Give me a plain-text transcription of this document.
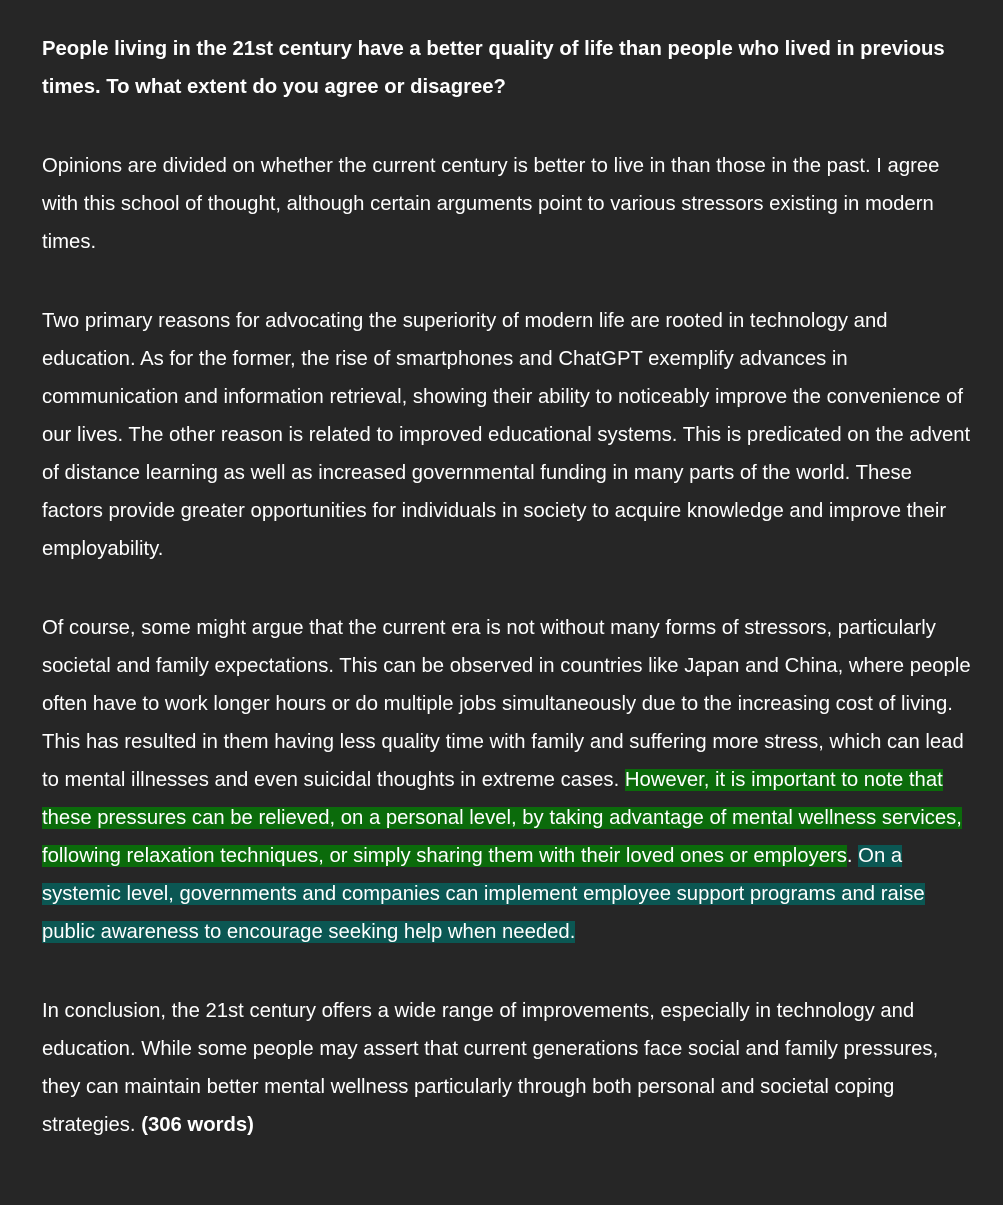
People living in the 21st century have a better quality of life than people who lived in previous times. To what extent do you agree or disagree?
Opinions are divided on whether the current century is better to live in than those in the past. I agree with this school of thought, although certain arguments point to various stressors existing in modern times.
Two primary reasons for advocating the superiority of modern life are rooted in technology and education. As for the former, the rise of smartphones and ChatGPT exemplify advances in communication and information retrieval, showing their ability to noticeably improve the convenience of our lives. The other reason is related to improved educational systems. This is predicated on the advent of distance learning as well as increased governmental funding in many parts of the world. These factors provide greater opportunities for individuals in society to acquire knowledge and improve their employability.
Of course, some might argue that the current era is not without many forms of stressors, particularly societal and family expectations. This can be observed in countries like Japan and China, where people often have to work longer hours or do multiple jobs simultaneously due to the increasing cost of living. This has resulted in them having less quality time with family and suffering more stress, which can lead to mental illnesses and even suicidal thoughts in extreme cases. However, it is important to note that these pressures can be relieved, on a personal level, by taking advantage of mental wellness services, following relaxation techniques, or simply sharing them with their loved ones or employers. On a systemic level, governments and companies can implement employee support programs and raise public awareness to encourage seeking help when needed.
In conclusion, the 21st century offers a wide range of improvements, especially in technology and education. While some people may assert that current generations face social and family pressures, they can maintain better mental wellness particularly through both personal and societal coping strategies. (306 words)
